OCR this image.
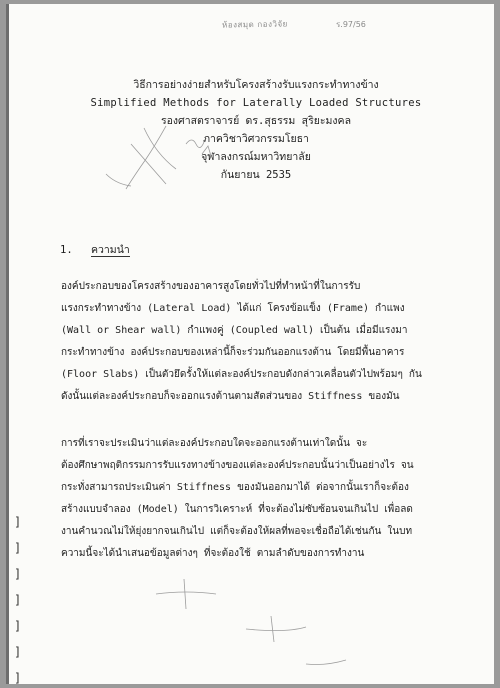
ห้องสมุด กองวิจัย	ร.97/56
วิธีการอย่างง่ายสำหรับโครงสร้างรับแรงกระทำทางข้าง
Simplified Methods for Laterally Loaded Structures
รองศาสตราจารย์ ดร.สุธรรม สุริยะมงคล
ภาควิชาวิศวกรรมโยธา
จุฬาลงกรณ์มหาวิทยาลัย
กันยายน 2535
1. ความนำ
องค์ประกอบของโครงสร้างของอาคารสูงโดยทั่วไปที่ทำหน้าที่ในการรับ
แรงกระทำทางข้าง (Lateral Load) ได้แก่ โครงข้อแข็ง (Frame) กำแพง
(Wall or Shear wall) กำแพงคู่ (Coupled wall) เป็นต้น เมื่อมีแรงมา
กระทำทางข้าง องค์ประกอบของเหล่านี้ก็จะร่วมกันออกแรงต้าน โดยมีพื้นอาคาร
(Floor Slabs) เป็นตัวยึดรั้งให้แต่ละองค์ประกอบดังกล่าวเคลื่อนตัวไปพร้อมๆ กัน
ดังนั้นแต่ละองค์ประกอบก็จะออกแรงต้านตามสัดส่วนของ Stiffness ของมัน
การที่เราจะประเมินว่าแต่ละองค์ประกอบใดจะออกแรงต้านเท่าใดนั้น จะ
ต้องศึกษาพฤติกรรมการรับแรงทางข้างของแต่ละองค์ประกอบนั้นว่าเป็นอย่างไร จน
กระทั่งสามารถประเมินค่า Stiffness ของมันออกมาได้ ต่อจากนั้นเราก็จะต้อง
สร้างแบบจำลอง (Model) ในการวิเคราะห์ ที่จะต้องไม่ซับซ้อนจนเกินไป เพื่อลด
งานคำนวณไม่ให้ยุ่งยากจนเกินไป แต่ก็จะต้องให้ผลที่พอจะเชื่อถือได้เช่นกัน ในบท
ความนี้จะได้นำเสนอข้อมูลต่างๆ ที่จะต้องใช้ ตามลำดับของการทำงาน
]
]
]
]
]
]
]
